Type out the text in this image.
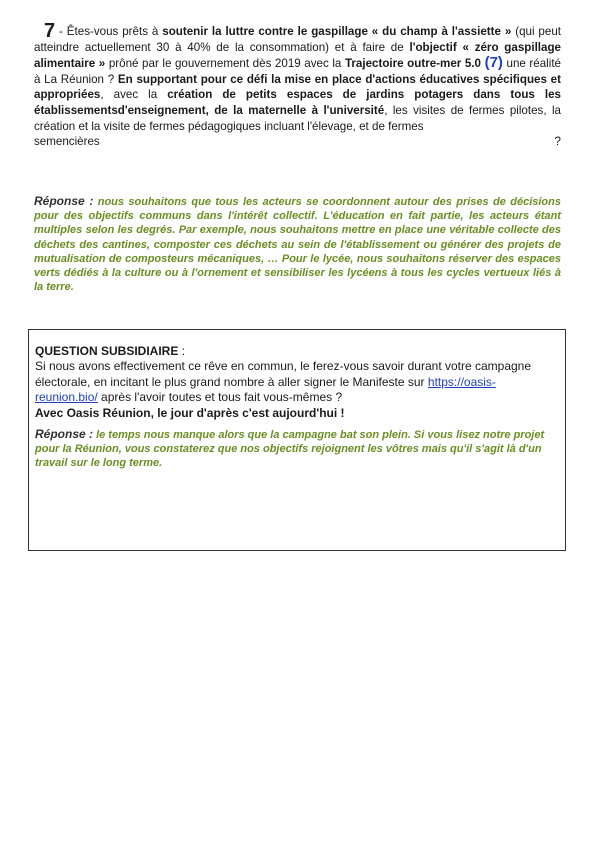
7 - Êtes-vous prêts à soutenir la luttre contre le gaspillage « du champ à l'assiette » (qui peut atteindre actuellement 30 à 40% de la consommation) et à faire de l'objectif « zéro gaspillage alimentaire » prôné par le gouvernement dès 2019 avec la Trajectoire outre-mer 5.0 (7) une réalité à La Réunion ? En supportant pour ce défi la mise en place d'actions éducatives spécifiques et appropriées, avec la création de petits espaces de jardins potagers dans tous les établissementsd'enseignement, de la maternelle à l'université, les visites de fermes pilotes, la création et la visite de fermes pédagogiques incluant l'élevage, et de fermes
semencières	?
Réponse : nous souhaitons que tous les acteurs se coordonnent autour des prises de décisions pour des objectifs communs dans l'intérêt collectif. L'éducation en fait partie, les acteurs étant multiples selon les degrés. Par exemple, nous souhaitons mettre en place une véritable collecte des déchets des cantines, composter ces déchets au sein de l'établissement ou générer des projets de mutualisation de composteurs mécaniques, … Pour le lycée, nous souhaitons réserver des espaces verts dédiés à la culture ou à l'ornement et sensibiliser les lycéens à tous les cycles vertueux liés à la terre.
QUESTION SUBSIDIAIRE :
Si nous avons effectivement ce rêve en commun, le ferez-vous savoir durant votre campagne électorale, en incitant le plus grand nombre à aller signer le Manifeste sur https://oasis-reunion.bio/ après l'avoir toutes et tous fait vous-mêmes ?
Avec Oasis Réunion, le jour d'après c'est aujourd'hui !
Réponse : le temps nous manque alors que la campagne bat son plein. Si vous lisez notre projet pour la Réunion, vous constaterez que nos objectifs rejoignent les vôtres mais qu'il s'agit là d'un travail sur le long terme.
